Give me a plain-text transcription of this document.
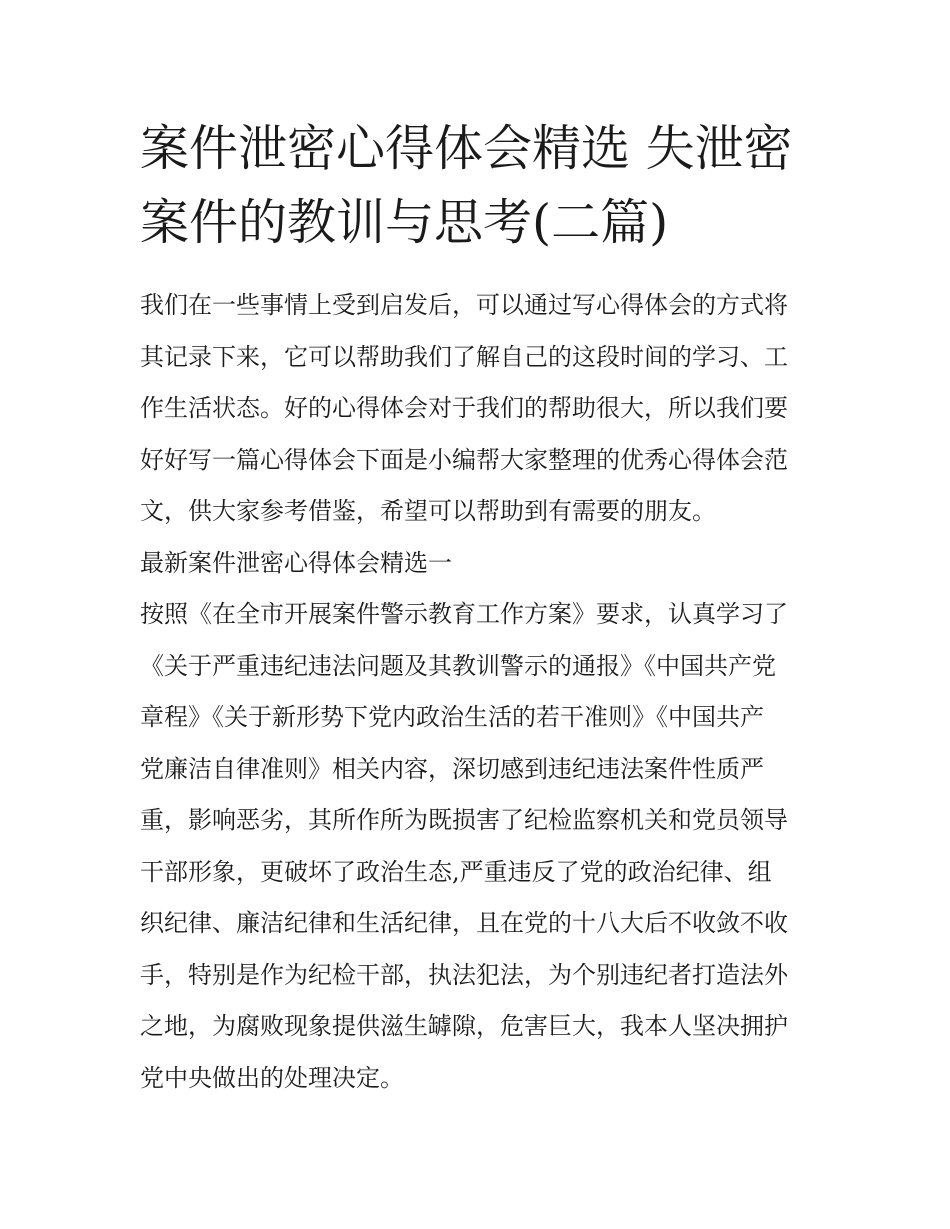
案件泄密心得体会精选 失泄密
案件的教训与思考(二篇)

我们在一些事情上受到启发后，可以通过写心得体会的方式将
其记录下来，它可以帮助我们了解自己的这段时间的学习、工
作生活状态。好的心得体会对于我们的帮助很大，所以我们要
好好写一篇心得体会下面是小编帮大家整理的优秀心得体会范
文，供大家参考借鉴，希望可以帮助到有需要的朋友。

最新案件泄密心得体会精选一

按照《在全市开展案件警示教育工作方案》要求，认真学习了
《关于严重违纪违法问题及其教训警示的通报》《中国共产党
章程》《关于新形势下党内政治生活的若干准则》《中国共产
党廉洁自律准则》相关内容，深切感到违纪违法案件性质严
重，影响恶劣，其所作所为既损害了纪检监察机关和党员领导
干部形象，更破坏了政治生态,严重违反了党的政治纪律、组
织纪律、廉洁纪律和生活纪律，且在党的十八大后不收敛不收
手，特别是作为纪检干部，执法犯法，为个别违纪者打造法外
之地，为腐败现象提供滋生罅隙，危害巨大，我本人坚决拥护
党中央做出的处理决定。
